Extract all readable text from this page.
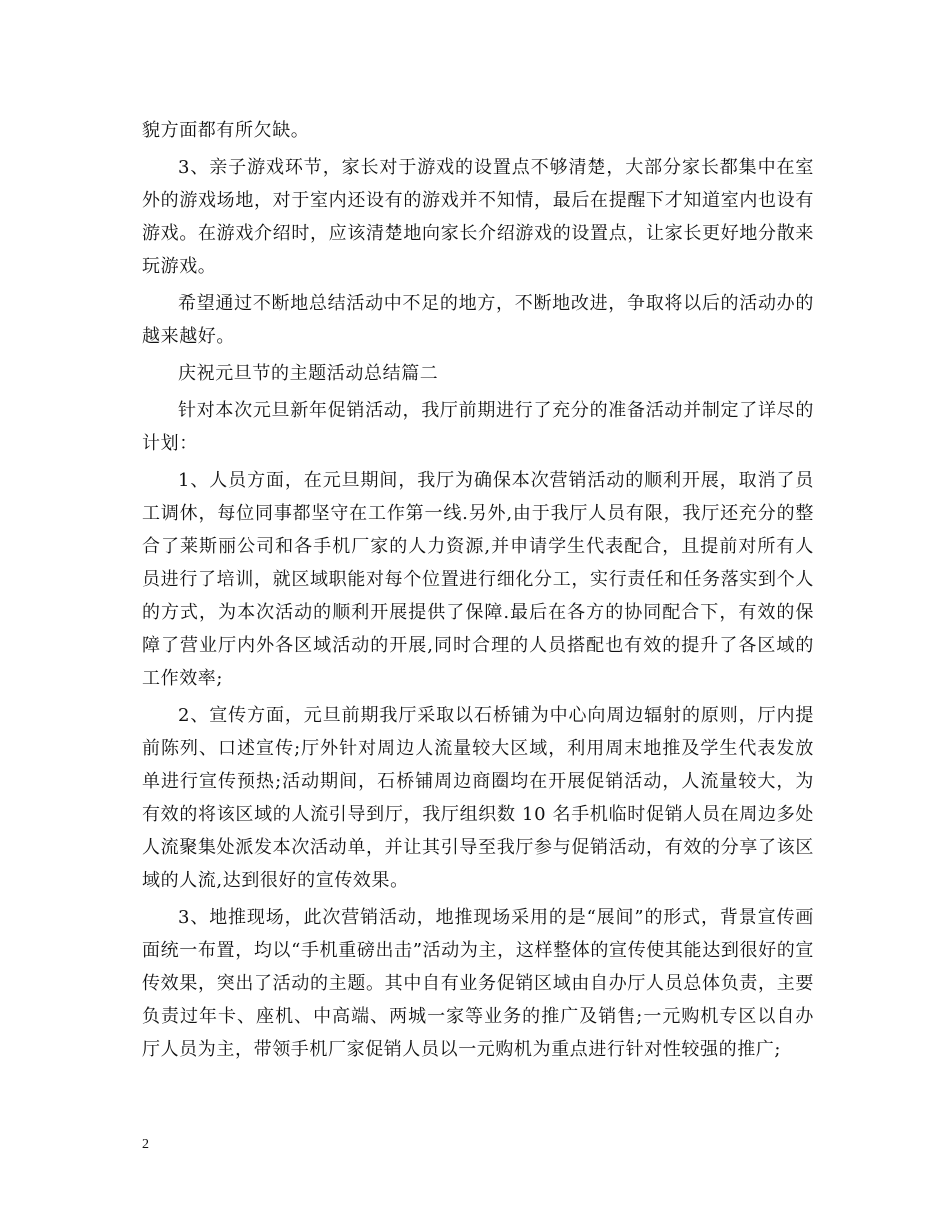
貌方面都有所欠缺。

3、亲子游戏环节，家长对于游戏的设置点不够清楚，大部分家长都集中在室外的游戏场地，对于室内还设有的游戏并不知情，最后在提醒下才知道室内也设有游戏。在游戏介绍时，应该清楚地向家长介绍游戏的设置点，让家长更好地分散来玩游戏。

希望通过不断地总结活动中不足的地方，不断地改进，争取将以后的活动办的越来越好。

庆祝元旦节的主题活动总结篇二

针对本次元旦新年促销活动，我厅前期进行了充分的准备活动并制定了详尽的计划：

1、人员方面，在元旦期间，我厅为确保本次营销活动的顺利开展，取消了员工调休，每位同事都坚守在工作第一线.另外,由于我厅人员有限，我厅还充分的整合了莱斯丽公司和各手机厂家的人力资源,并申请学生代表配合，且提前对所有人员进行了培训，就区域职能对每个位置进行细化分工，实行责任和任务落实到个人的方式，为本次活动的顺利开展提供了保障.最后在各方的协同配合下，有效的保障了营业厅内外各区域活动的开展,同时合理的人员搭配也有效的提升了各区域的工作效率;

2、宣传方面，元旦前期我厅采取以石桥铺为中心向周边辐射的原则，厅内提前陈列、口述宣传;厅外针对周边人流量较大区域，利用周末地推及学生代表发放单进行宣传预热;活动期间，石桥铺周边商圈均在开展促销活动，人流量较大，为有效的将该区域的人流引导到厅，我厅组织数 10 名手机临时促销人员在周边多处人流聚集处派发本次活动单，并让其引导至我厅参与促销活动，有效的分享了该区域的人流,达到很好的宣传效果。

3、地推现场，此次营销活动，地推现场采用的是“展间”的形式，背景宣传画面统一布置，均以“手机重磅出击”活动为主，这样整体的宣传使其能达到很好的宣传效果，突出了活动的主题。其中自有业务促销区域由自办厅人员总体负责，主要负责过年卡、座机、中高端、两城一家等业务的推广及销售;一元购机专区以自办厅人员为主，带领手机厂家促销人员以一元购机为重点进行针对性较强的推广;

2
